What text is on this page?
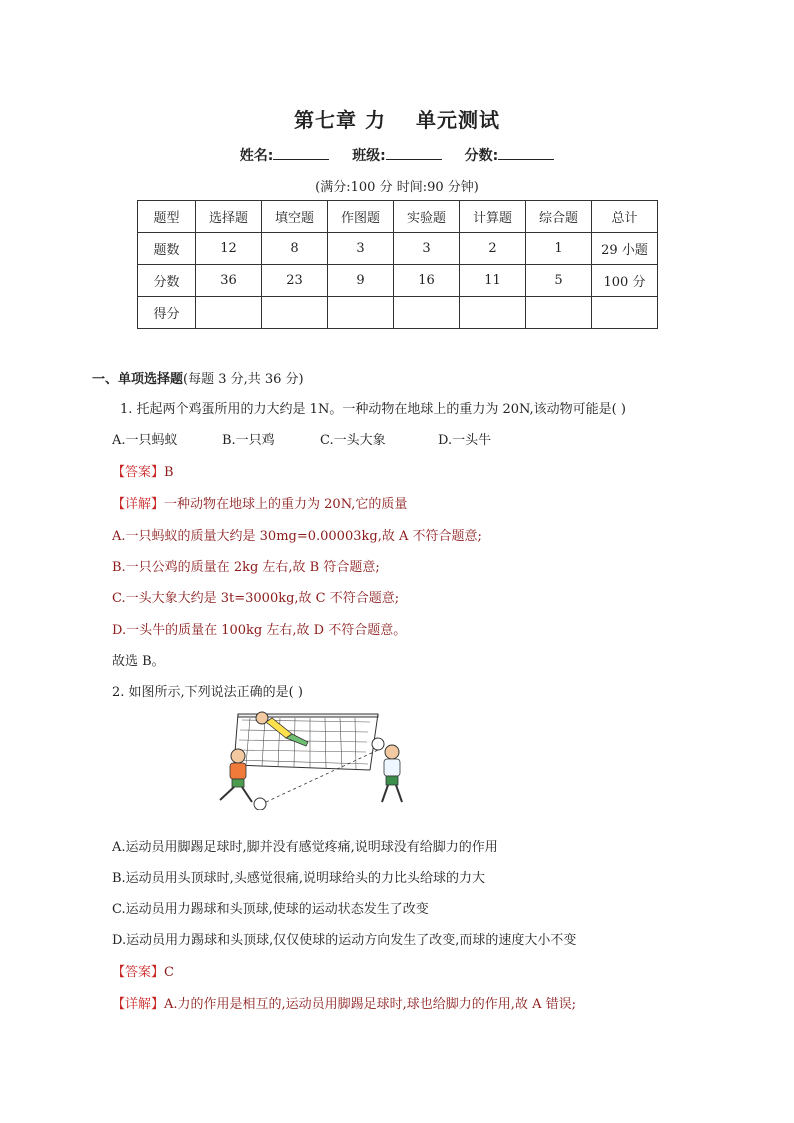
第七章 力 单元测试
姓名:	班级:	分数:
(满分:100 分 时间:90 分钟)
题型	选择题	填空题	作图题	实验题	计算题	综合题	总计
题数	12	8	3	3	2	1	29 小题
分数	36	23	9	16	11	5	100 分
得分							
一、单项选择题(每题 3 分,共 36 分)
1. 托起两个鸡蛋所用的力大约是 1N。一种动物在地球上的重力为 20N,该动物可能是( )
A.一只蚂蚁	B.一只鸡	C.一头大象	D.一头牛
【答案】B
【详解】一种动物在地球上的重力为 20N,它的质量
A.一只蚂蚁的质量大约是 30mg=0.00003kg,故 A 不符合题意;
B.一只公鸡的质量在 2kg 左右,故 B 符合题意;
C.一头大象大约是 3t=3000kg,故 C 不符合题意;
D.一头牛的质量在 100kg 左右,故 D 不符合题意。
故选 B。
2. 如图所示,下列说法正确的是( )
A.运动员用脚踢足球时,脚并没有感觉疼痛,说明球没有给脚力的作用
B.运动员用头顶球时,头感觉很痛,说明球给头的力比头给球的力大
C.运动员用力踢球和头顶球,使球的运动状态发生了改变
D.运动员用力踢球和头顶球,仅仅使球的运动方向发生了改变,而球的速度大小不变
【答案】C
【详解】A.力的作用是相互的,运动员用脚踢足球时,球也给脚力的作用,故 A 错误;
